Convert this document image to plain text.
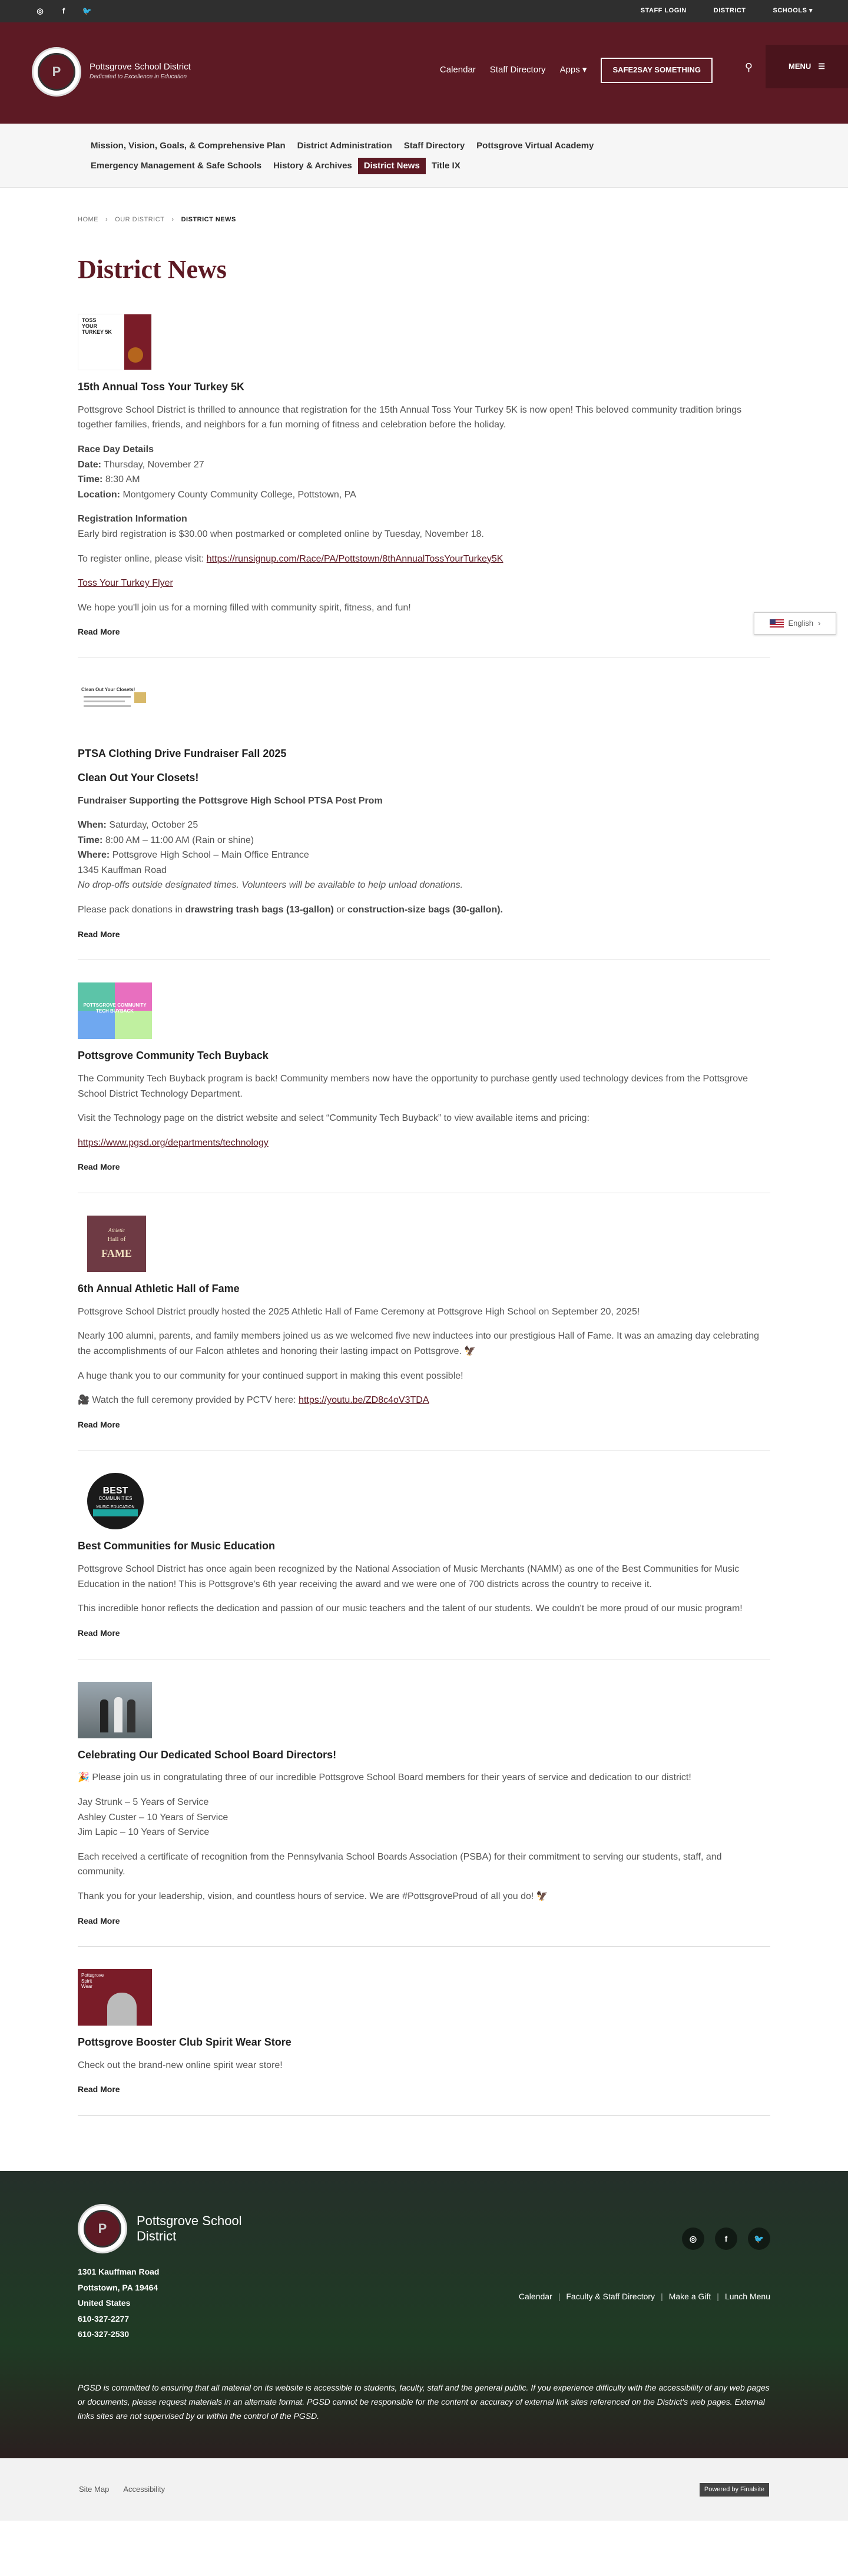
◎	f	🐦	STAFF LOGIN	DISTRICT	SCHOOLS ▾
P	Pottsgrove School District
Dedicated to Excellence in Education
Calendar Staff Directory Apps ▾	SAFE2SAY SOMETHING	⚲	MENU ☰
Mission, Vision, Goals, & Comprehensive Plan	District Administration	Staff Directory	Pottsgrove Virtual Academy
Emergency Management & Safe Schools	History & Archives	District News	Title IX
HOME › OUR DISTRICT › DISTRICT NEWS
District News
TOSS
YOUR
TURKEY 5K
15th Annual Toss Your Turkey 5K

Pottsgrove School District is thrilled to announce that registration for the 15th Annual Toss Your Turkey 5K is now open! This beloved community tradition brings together families, friends, and neighbors for a fun morning of fitness and celebration before the holiday.

Race Day Details
Date: Thursday, November 27
Time: 8:30 AM
Location: Montgomery County Community College, Pottstown, PA

Registration Information
Early bird registration is $30.00 when postmarked or completed online by Tuesday, November 18.

To register online, please visit: https://runsignup.com/Race/PA/Pottstown/8thAnnualTossYourTurkey5K

Toss Your Turkey Flyer

We hope you'll join us for a morning filled with community spirit, fitness, and fun!

Read More
Clean Out Your Closets!
PTSA Clothing Drive Fundraiser Fall 2025
Clean Out Your Closets!

Fundraiser Supporting the Pottsgrove High School PTSA Post Prom

When: Saturday, October 25
Time: 8:00 AM – 11:00 AM (Rain or shine)
Where: Pottsgrove High School – Main Office Entrance
1345 Kauffman Road
No drop-offs outside designated times. Volunteers will be available to help unload donations.

Please pack donations in drawstring trash bags (13-gallon) or construction-size bags (30-gallon).

Read More
POTTSGROVE COMMUNITY TECH BUYBACK
Pottsgrove Community Tech Buyback

The Community Tech Buyback program is back! Community members now have the opportunity to purchase gently used technology devices from the Pottsgrove School District Technology Department.

Visit the Technology page on the district website and select “Community Tech Buyback” to view available items and pricing:

https://www.pgsd.org/departments/technology

Read More
Athletic
Hall of
FAME
6th Annual Athletic Hall of Fame

Pottsgrove School District proudly hosted the 2025 Athletic Hall of Fame Ceremony at Pottsgrove High School on September 20, 2025!

Nearly 100 alumni, parents, and family members joined us as we welcomed five new inductees into our prestigious Hall of Fame. It was an amazing day celebrating the accomplishments of our Falcon athletes and honoring their lasting impact on Pottsgrove. 🦅

A huge thank you to our community for your continued support in making this event possible!

🎥 Watch the full ceremony provided by PCTV here: https://youtu.be/ZD8c4oV3TDA

Read More
BEST
COMMUNITIES
MUSIC EDUCATION
Best Communities for Music Education

Pottsgrove School District has once again been recognized by the National Association of Music Merchants (NAMM) as one of the Best Communities for Music Education in the nation! This is Pottsgrove's 6th year receiving the award and we were one of 700 districts across the country to receive it.

This incredible honor reflects the dedication and passion of our music teachers and the talent of our students. We couldn't be more proud of our music program!

Read More
Celebrating Our Dedicated School Board Directors!

🎉 Please join us in congratulating three of our incredible Pottsgrove School Board members for their years of service and dedication to our district!

Jay Strunk – 5 Years of Service
Ashley Custer – 10 Years of Service
Jim Lapic – 10 Years of Service

Each received a certificate of recognition from the Pennsylvania School Boards Association (PSBA) for their commitment to serving our students, staff, and community.

Thank you for your leadership, vision, and countless hours of service. We are #PottsgroveProud of all you do! 🦅

Read More
Pottsgrove
Spirit
Wear
Pottsgrove Booster Club Spirit Wear Store

Check out the brand-new online spirit wear store!

Read More
English ›
P
Pottsgrove School District
1301 Kauffman Road
Pottstown, PA 19464
United States
610-327-2277
610-327-2530
◎	f	🐦
Calendar | Faculty & Staff Directory | Make a Gift | Lunch Menu

PGSD is committed to ensuring that all material on its website is accessible to students, faculty, staff and the general public. If you experience difficulty with the accessibility of any web pages or documents, please request materials in an alternate format. PGSD cannot be responsible for the content or accuracy of external link sites referenced on the District's web pages. External links sites are not supervised by or within the control of the PGSD.

Site Map Accessibility	Powered by Finalsite
